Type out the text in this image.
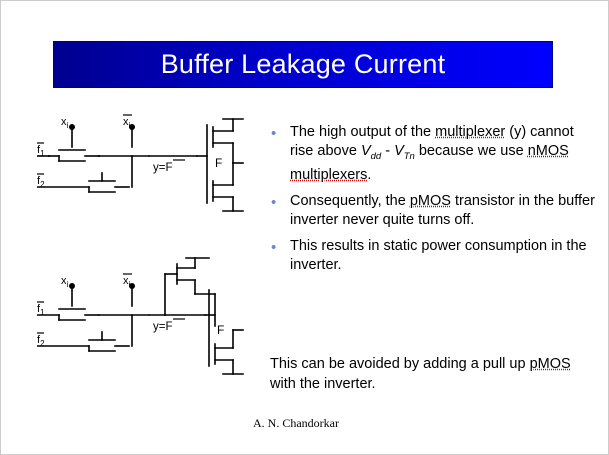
Buffer Leakage Current
$x_i$	$x_i$
$f_1$
$f_2$
y=F	F
$x_i$	$x_i$
$f_1$
$f_2$
y=F	F
• The high output of the multiplexer (y) cannot rise above $V_{dd} - V_{Tn}$ because we use nMOS multiplexers.
• Consequently, the pMOS transistor in the buffer inverter never quite turns off.
• This results in static power consumption in the inverter.
This can be avoided by adding a pull up pMOS with the inverter.
A. N. Chandorkar
